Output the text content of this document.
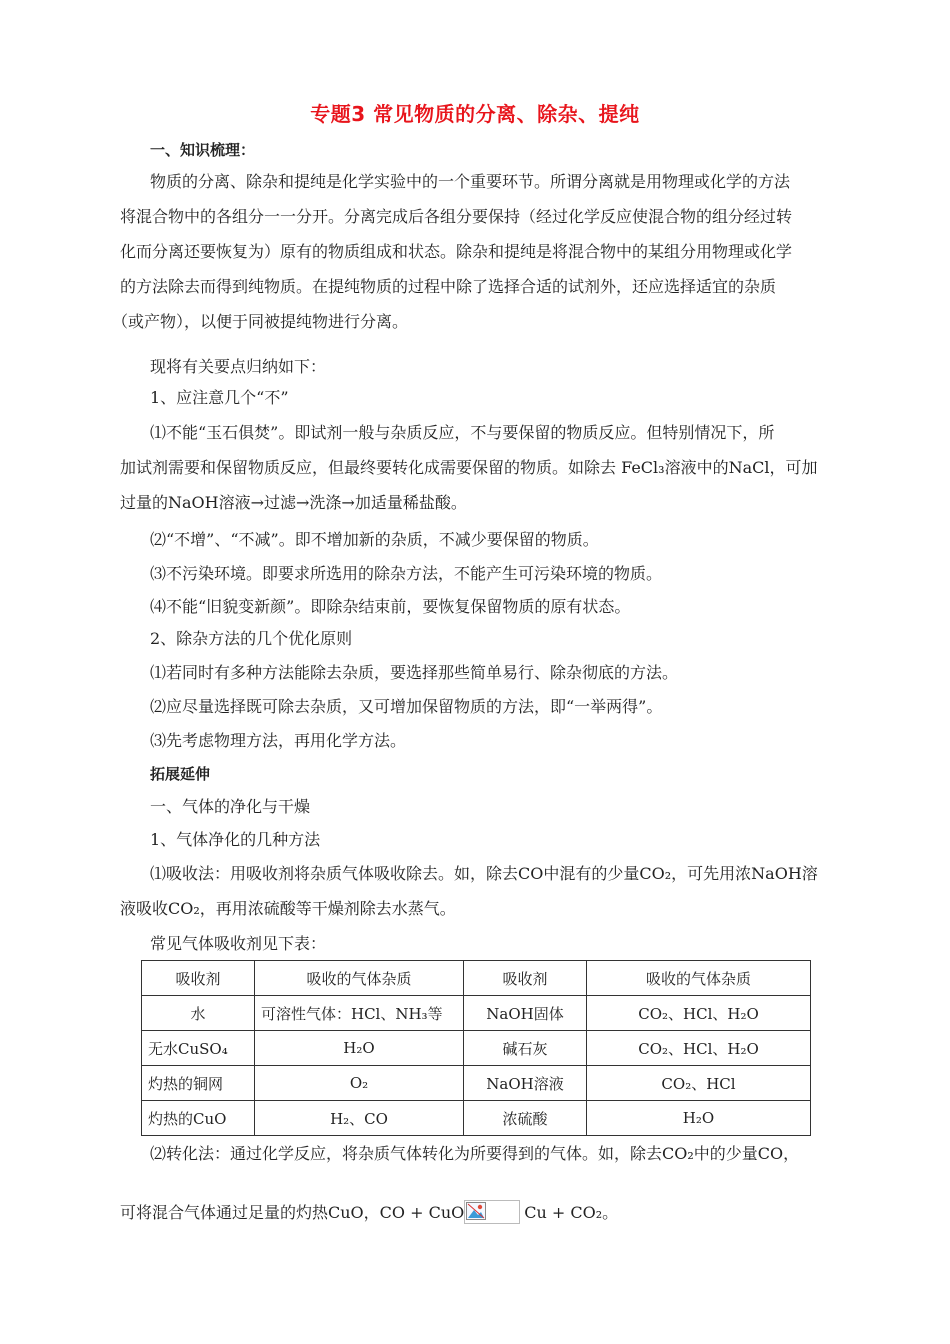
专题3 常见物质的分离、除杂、提纯
一、知识梳理：
物质的分离、除杂和提纯是化学实验中的一个重要环节。所谓分离就是用物理或化学的方法
将混合物中的各组分一一分开。分离完成后各组分要保持（经过化学反应使混合物的组分经过转
化而分离还要恢复为）原有的物质组成和状态。除杂和提纯是将混合物中的某组分用物理或化学
的方法除去而得到纯物质。在提纯物质的过程中除了选择合适的试剂外，还应选择适宜的杂质
（或产物），以便于同被提纯物进行分离。
现将有关要点归纳如下：
1、应注意几个“不”
⑴不能“玉石俱焚”。即试剂一般与杂质反应，不与要保留的物质反应。但特别情况下，所
加试剂需要和保留物质反应，但最终要转化成需要保留的物质。如除去 FeCl₃溶液中的NaCl，可加
过量的NaOH溶液→过滤→洗涤→加适量稀盐酸。
⑵“不增”、“不减”。即不增加新的杂质，不减少要保留的物质。
⑶不污染环境。即要求所选用的除杂方法，不能产生可污染环境的物质。
⑷不能“旧貌变新颜”。即除杂结束前，要恢复保留物质的原有状态。
2、除杂方法的几个优化原则
⑴若同时有多种方法能除去杂质，要选择那些简单易行、除杂彻底的方法。
⑵应尽量选择既可除去杂质，又可增加保留物质的方法，即“一举两得”。
⑶先考虑物理方法，再用化学方法。
拓展延伸
一、气体的净化与干燥
1、气体净化的几种方法
⑴吸收法：用吸收剂将杂质气体吸收除去。如，除去CO中混有的少量CO₂，可先用浓NaOH溶
液吸收CO₂，再用浓硫酸等干燥剂除去水蒸气。
常见气体吸收剂见下表：
吸收剂	吸收的气体杂质	吸收剂	吸收的气体杂质
水	可溶性气体：HCl、NH₃等	NaOH固体	CO₂、HCl、H₂O
无水CuSO₄	H₂O	碱石灰	CO₂、HCl、H₂O
灼热的铜网	O₂	NaOH溶液	CO₂、HCl
灼热的CuO	H₂、CO	浓硫酸	H₂O
⑵转化法：通过化学反应，将杂质气体转化为所要得到的气体。如，除去CO₂中的少量CO，
可将混合气体通过足量的灼热CuO，CO + CuO	Cu + CO₂。
